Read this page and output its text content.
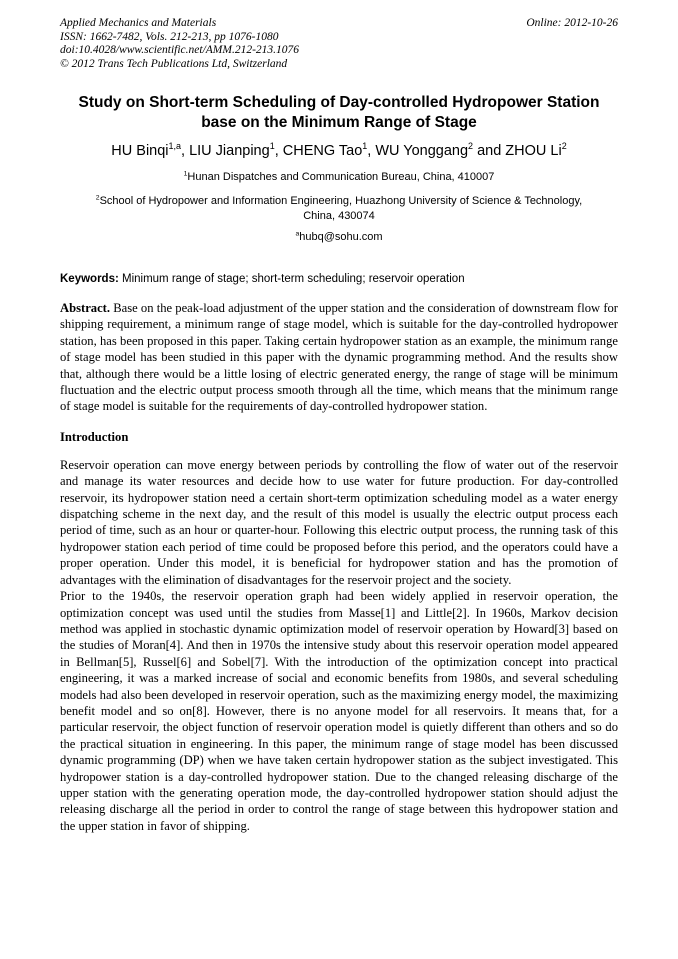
Applied Mechanics and Materials	Online: 2012-10-26
ISSN: 1662-7482, Vols. 212-213, pp 1076-1080
doi:10.4028/www.scientific.net/AMM.212-213.1076
© 2012 Trans Tech Publications Ltd, Switzerland
Study on Short-term Scheduling of Day-controlled Hydropower Station base on the Minimum Range of Stage
HU Binqi$^{1,a}$, LIU Jianping$^1$, CHENG Tao$^1$, WU Yonggang$^2$ and ZHOU Li$^2$
$^1$Hunan Dispatches and Communication Bureau, China, 410007
$^2$School of Hydropower and Information Engineering, Huazhong University of Science & Technology, China, 430074
$^a$hubq@sohu.com
Keywords: Minimum range of stage; short-term scheduling; reservoir operation

Abstract. Base on the peak-load adjustment of the upper station and the consideration of downstream flow for shipping requirement, a minimum range of stage model, which is suitable for the day-controlled hydropower station, has been proposed in this paper. Taking certain hydropower station as an example, the minimum range of stage model has been studied in this paper with the dynamic programming method. And the results show that, although there would be a little losing of electric generated energy, the range of stage will be minimum fluctuation and the electric output process smooth through all the time, which means that the minimum range of stage model is suitable for the requirements of day-controlled hydropower station.

Introduction

Reservoir operation can move energy between periods by controlling the flow of water out of the reservoir and manage its water resources and decide how to use water for future production. For day-controlled reservoir, its hydropower station need a certain short-term optimization scheduling model as a water energy dispatching scheme in the next day, and the result of this model is usually the electric output process each period of time, such as an hour or quarter-hour. Following this electric output process, the running task of this hydropower station each period of time could be proposed before this period, and the operators could have a proper operation. Under this model, it is beneficial for hydropower station and has the promotion of advantages with the elimination of disadvantages for the reservoir project and the society.

Prior to the 1940s, the reservoir operation graph had been widely applied in reservoir operation, the optimization concept was used until the studies from Masse[1] and Little[2]. In 1960s, Markov decision method was applied in stochastic dynamic optimization model of reservoir operation by Howard[3] based on the studies of Moran[4]. And then in 1970s the intensive study about this reservoir operation model appeared in Bellman[5], Russel[6] and Sobel[7]. With the introduction of the optimization concept into practical engineering, it was a marked increase of social and economic benefits from 1980s, and several scheduling models had also been developed in reservoir operation, such as the maximizing energy model, the maximizing benefit model and so on[8]. However, there is no anyone model for all reservoirs. It means that, for a particular reservoir, the object function of reservoir operation model is quietly different than others and so do the practical situation in engineering. In this paper, the minimum range of stage model has been discussed dynamic programming (DP) when we have taken certain hydropower station as the subject investigated. This hydropower station is a day-controlled hydropower station. Due to the changed releasing discharge of the upper station with the generating operation mode, the day-controlled hydropower station should adjust the releasing discharge all the period in order to control the range of stage between this hydropower station and the upper station in favor of shipping.
